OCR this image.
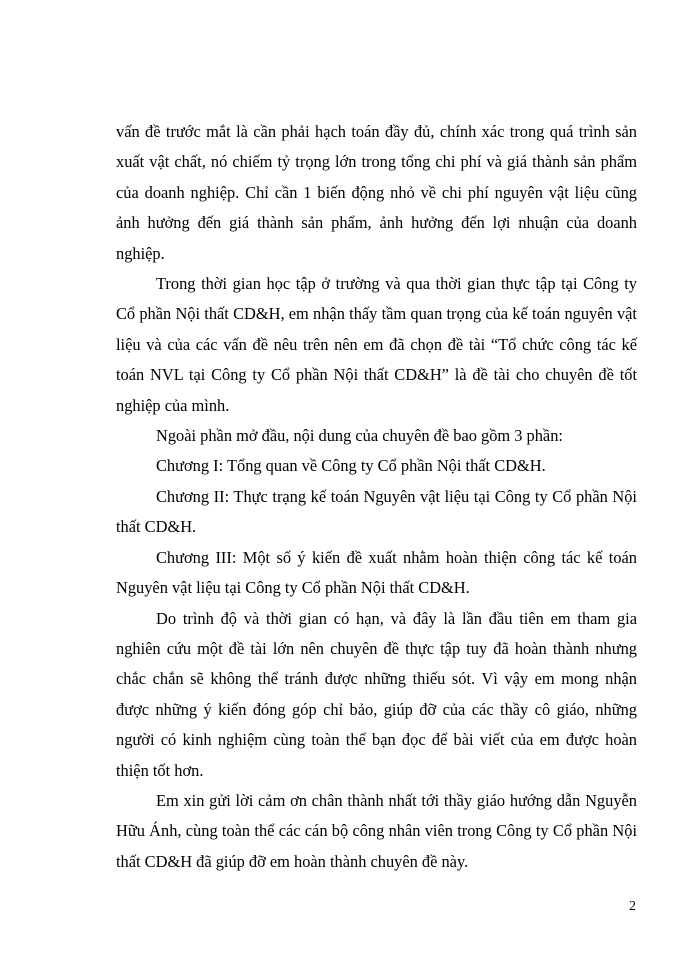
vấn đề trước mắt là cần phải hạch toán đầy đủ, chính xác trong quá trình sản xuất vật chất, nó chiếm tỷ trọng lớn trong tổng chi phí và giá thành sản phẩm của doanh nghiệp. Chỉ cần 1 biến động nhỏ về chi phí nguyên vật liệu cũng ảnh hưởng đến giá thành sản phẩm, ảnh hưởng đến lợi nhuận của doanh nghiệp.

Trong thời gian học tập ở trường và qua thời gian thực tập tại Công ty Cổ phần Nội thất CD&H, em nhận thấy tầm quan trọng của kế toán nguyên vật liệu và của các vấn đề nêu trên nên em đã chọn đề tài “Tổ chức công tác kế toán NVL tại Công ty Cổ phần Nội thất CD&H” là đề tài cho chuyên đề tốt nghiệp của mình.

Ngoài phần mở đầu, nội dung của chuyên đề bao gồm 3 phần:

Chương I: Tổng quan về Công ty Cổ phần Nội thất CD&H.

Chương II: Thực trạng kế toán Nguyên vật liệu tại Công ty Cổ phần Nội thất CD&H.

Chương III: Một số ý kiến đề xuất nhằm hoàn thiện công tác kế toán Nguyên vật liệu tại Công ty Cổ phần Nội thất CD&H.

Do trình độ và thời gian có hạn, và đây là lần đầu tiên em tham gia nghiên cứu một đề tài lớn nên chuyên đề thực tập tuy đã hoàn thành nhưng chắc chắn sẽ không thể tránh được những thiếu sót. Vì vậy em mong nhận được những ý kiến đóng góp chỉ bảo, giúp đỡ của các thầy cô giáo, những người có kinh nghiệm cùng toàn thể bạn đọc để bài viết của em được hoàn thiện tốt hơn.

Em xin gửi lời cảm ơn chân thành nhất tới thầy giáo hướng dẫn Nguyễn Hữu Ánh, cùng toàn thể các cán bộ công nhân viên trong Công ty Cổ phần Nội thất CD&H đã giúp đỡ em hoàn thành chuyên đề này.

2
